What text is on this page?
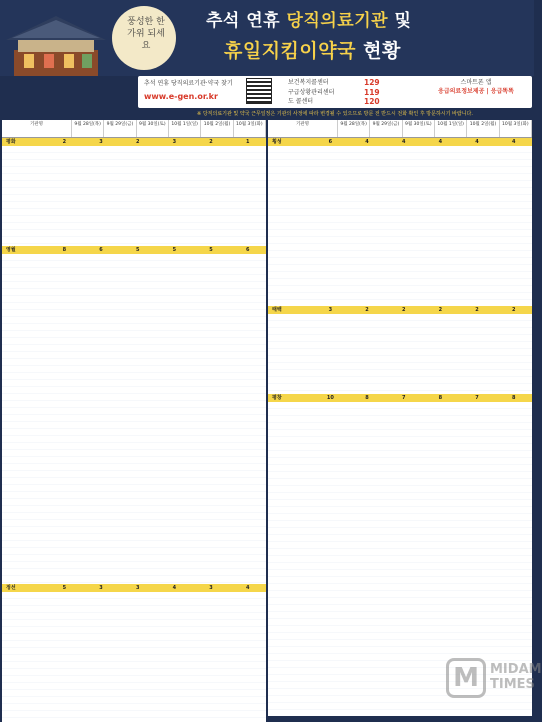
풍성한 한가위 되세요
추석 연휴 당직의료기관 및
휴일지킴이약국 현황
추석 연휴 당직의료기관·약국 찾기
www.e-gen.or.kr
보건복지콜센터	129
구급상황관리센터	119
도 콜센터	120
스마트폰 앱
응급의료정보제공 | 응급똑똑
※ 당직의료기관 및 약국 근무일정은 기관의 사정에 따라 변경될 수 있으므로 방문 전 반드시 전화 확인 후 방문하시기 바랍니다.
기관명	9월 28일(목)	9월 29일(금)	9월 30일(토)	10월 1일(일)	10월 2일(월)	10월 3일(화)
평화	2	3	2	3	2	1
영월	8	6	5	5	5	6
정선	5	3	3	4	3	4
기관명	9월 28일(목)	9월 29일(금)	9월 30일(토)	10월 1일(일)	10월 2일(월)	10월 3일(화)
횡성	6	4	4	4	4	4
태백	3	2	2	2	2	2
평창	10	8	7	8	7	8
M MIDAM
TIMES
